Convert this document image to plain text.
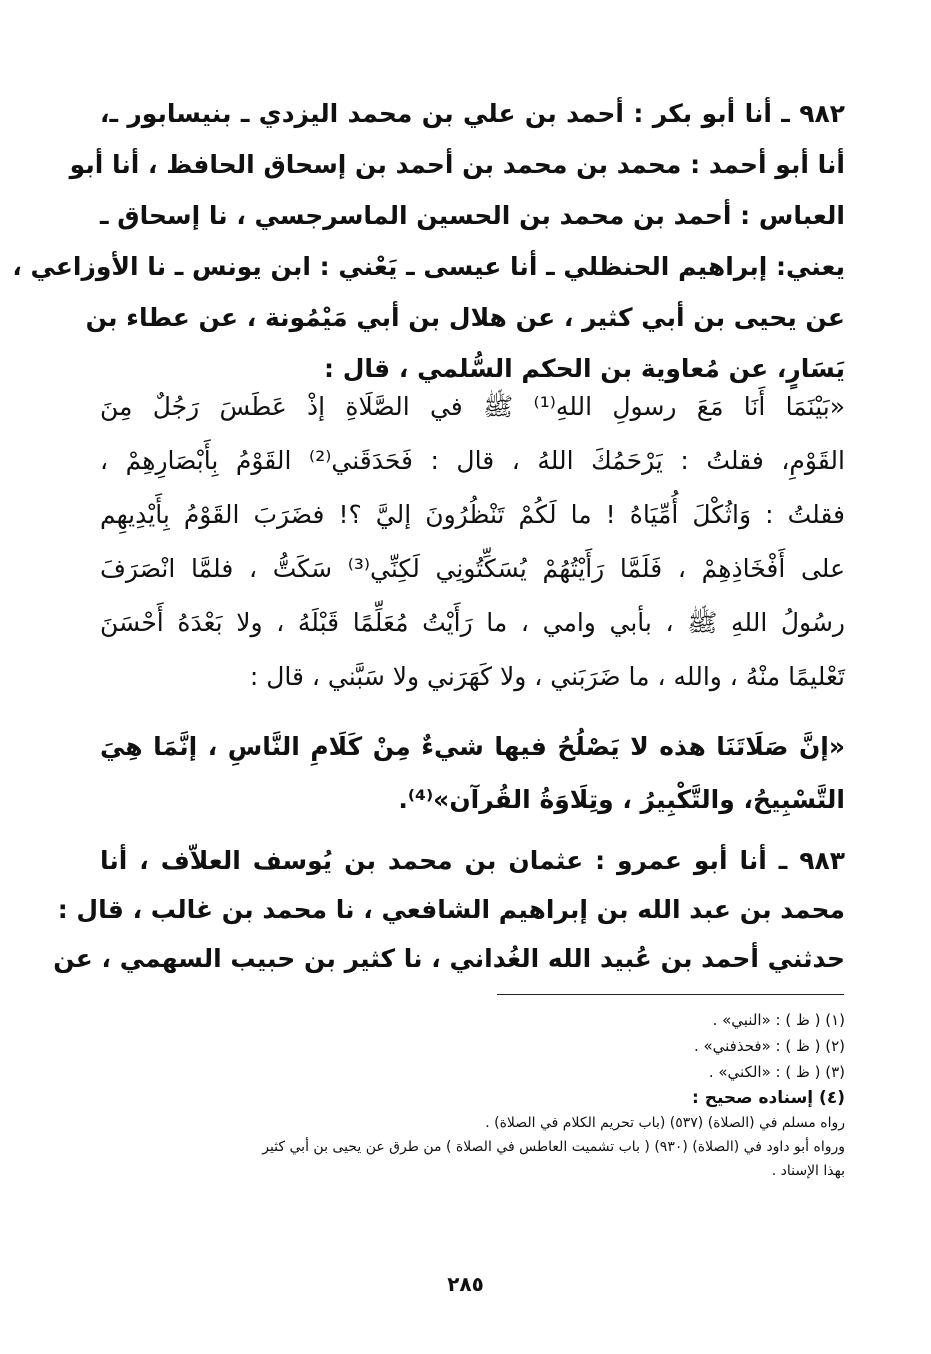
٩٨٢ ـ أنا أبو بكر : أحمد بن علي بن محمد اليزدي ـ بنيسابور ـ،
أنا أبو أحمد : محمد بن محمد بن أحمد بن إسحاق الحافظ ، أنا أبو
العباس : أحمد بن محمد بن الحسين الماسرجسي ، نا إسحاق ـ
يعني: إبراهيم الحنظلي ـ أنا عيسى ـ يَعْني : ابن يونس ـ نا الأوزاعي ،
عن يحيى بن أبي كثير ، عن هلال بن أبي مَيْمُونة ، عن عطاء بن
يَسَارٍ، عن مُعاوية بن الحكم السُّلمي ، قال :
«بَيْنَمَا أَنَا مَعَ رسولِ اللهِ⁽¹⁾ ﷺ في الصَّلَاةِ إذْ عَطَسَ رَجُلٌ مِنَ
القَوْمِ، فقلتُ : يَرْحَمُكَ اللهُ ، قال : فَحَدَقَني⁽²⁾ القَوْمُ بِأَبْصَارِهِمْ ،
فقلتُ : وَاثُكْلَ أُمِّيَاهُ ! ما لَكُمْ تَنْظُرُونَ إليَّ ؟! فضَرَبَ القَوْمُ بِأَيْدِيهِم
على أَفْخَاذِهِمْ ، فَلَمَّا رَأَيْتُهُمْ يُسَكِّتُونِي لَكِنِّي⁽³⁾ سَكَتُّ ، فلمَّا انْصَرَفَ
رسُولُ اللهِ ﷺ ، بأبي وامي ، ما رَأَيْتُ مُعَلِّمًا قَبْلَهُ ، ولا بَعْدَهُ أَحْسَنَ
تَعْليمًا منْهُ ، والله ، ما ضَرَبَني ، ولا كَهَرَني ولا سَبَّني ، قال :
«إنَّ صَلَاتَنَا هذه لا يَصْلُحُ فيها شيءٌ مِنْ كَلَامِ النَّاسِ ، إنَّمَا هِيَ
التَّسْبِيحُ، والتَّكْبِيرُ ، وتِلَاوَةُ القُرآن»⁽⁴⁾.
٩٨٣ ـ أنا أبو عمرو : عثمان بن محمد بن يُوسف العلاّف ، أنا
محمد بن عبد الله بن إبراهيم الشافعي ، نا محمد بن غالب ، قال :
حدثني أحمد بن عُبيد الله الغُداني ، نا كثير بن حبيب السهمي ، عن
(١) ( ظ ) : «النبي» .
(٢) ( ظ ) : «فحذفني» .
(٣) ( ظ ) : «الكني» .
(٤) إسناده صحيح :
رواه مسلم في (الصلاة) (٥٣٧) (باب تحريم الكلام في الصلاة) .
ورواه أبو داود في (الصلاة) (٩٣٠) ( باب تشميت العاطس في الصلاة ) من طرق عن يحيى بن أبي كثير
بهذا الإسناد .
٢٨٥
